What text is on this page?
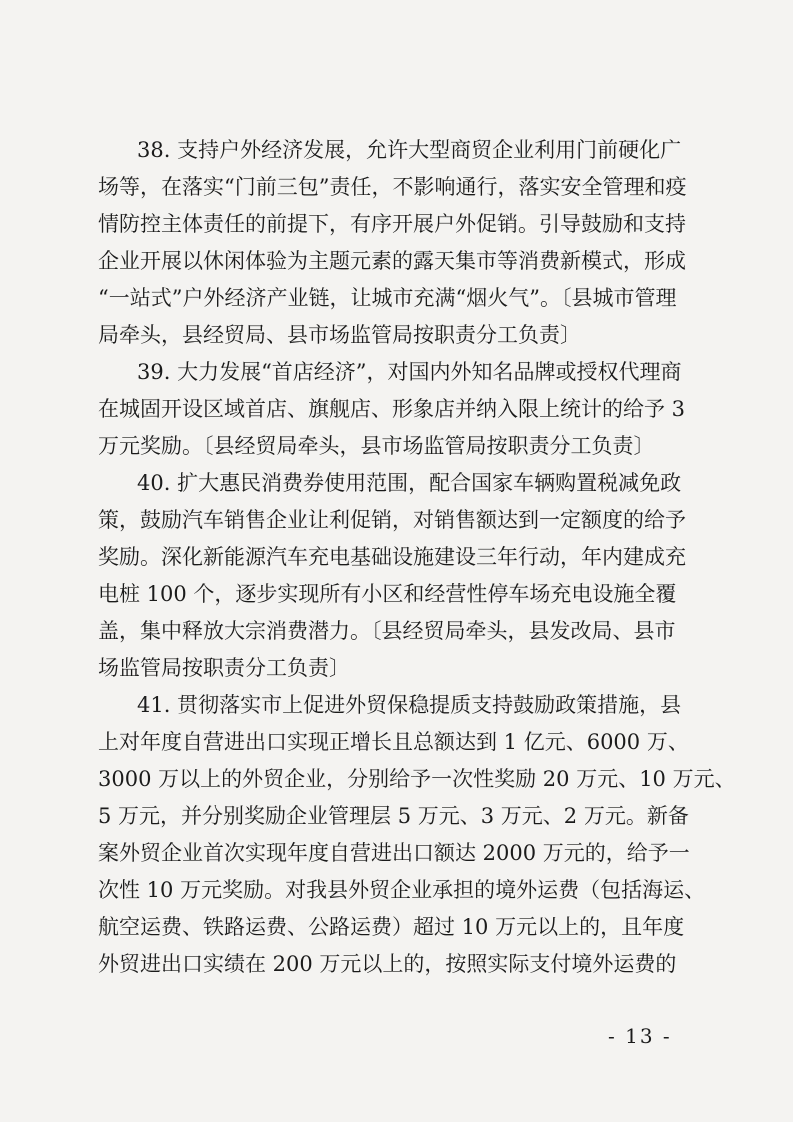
38. 支持户外经济发展，允许大型商贸企业利用门前硬化广
场等，在落实“门前三包”责任，不影响通行，落实安全管理和疫
情防控主体责任的前提下，有序开展户外促销。引导鼓励和支持
企业开展以休闲体验为主题元素的露天集市等消费新模式，形成
“一站式”户外经济产业链，让城市充满“烟火气”。〔县城市管理
局牵头，县经贸局、县市场监管局按职责分工负责〕
39. 大力发展“首店经济”，对国内外知名品牌或授权代理商
在城固开设区域首店、旗舰店、形象店并纳入限上统计的给予 3
万元奖励。〔县经贸局牵头，县市场监管局按职责分工负责〕
40. 扩大惠民消费券使用范围，配合国家车辆购置税减免政
策，鼓励汽车销售企业让利促销，对销售额达到一定额度的给予
奖励。深化新能源汽车充电基础设施建设三年行动，年内建成充
电桩 100 个，逐步实现所有小区和经营性停车场充电设施全覆
盖，集中释放大宗消费潜力。〔县经贸局牵头，县发改局、县市
场监管局按职责分工负责〕
41. 贯彻落实市上促进外贸保稳提质支持鼓励政策措施，县
上对年度自营进出口实现正增长且总额达到 1 亿元、6000 万、
3000 万以上的外贸企业，分别给予一次性奖励 20 万元、10 万元、
5 万元，并分别奖励企业管理层 5 万元、3 万元、2 万元。新备
案外贸企业首次实现年度自营进出口额达 2000 万元的，给予一
次性 10 万元奖励。对我县外贸企业承担的境外运费（包括海运、
航空运费、铁路运费、公路运费）超过 10 万元以上的，且年度
外贸进出口实绩在 200 万元以上的，按照实际支付境外运费的
- 13 -
